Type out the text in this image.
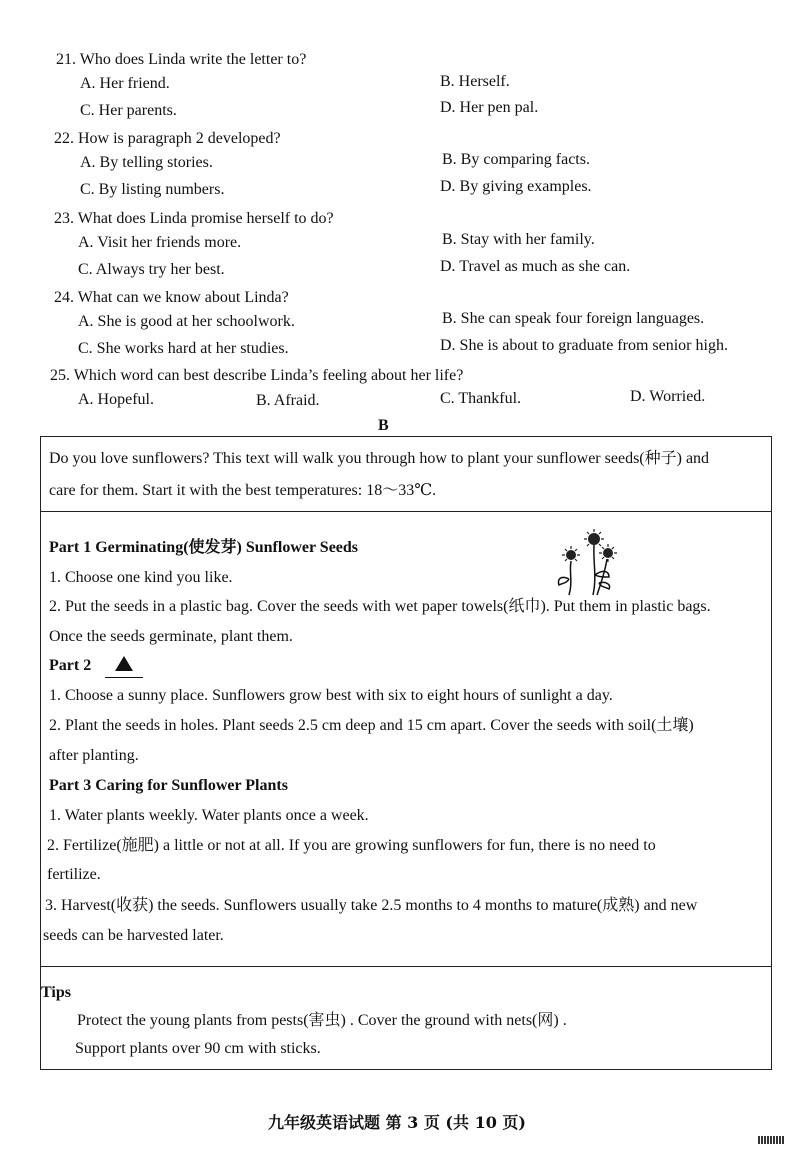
21. Who does Linda write the letter to?
A. Her friend.	B. Herself.
C. Her parents.	D. Her pen pal.
22. How is paragraph 2 developed?
A. By telling stories.	B. By comparing facts.
C. By listing numbers.	D. By giving examples.
23. What does Linda promise herself to do?
A. Visit her friends more.	B. Stay with her family.
C. Always try her best.	D. Travel as much as she can.
24. What can we know about Linda?
A. She is good at her schoolwork.	B. She can speak four foreign languages.
C. She works hard at her studies.	D. She is about to graduate from senior high.
25. Which word can best describe Linda’s feeling about her life?
A. Hopeful.	B. Afraid.	C. Thankful.	D. Worried.
B
Do you love sunflowers? This text will walk you through how to plant your sunflower seeds(种子) and
care for them. Start it with the best temperatures: 18～33℃.
Part 1 Germinating(使发芽) Sunflower Seeds
1. Choose one kind you like.
2. Put the seeds in a plastic bag. Cover the seeds with wet paper towels(纸巾). Put them in plastic bags.
Once the seeds germinate, plant them.
Part 2
1. Choose a sunny place. Sunflowers grow best with six to eight hours of sunlight a day.
2. Plant the seeds in holes. Plant seeds 2.5 cm deep and 15 cm apart. Cover the seeds with soil(土壤)
after planting.
Part 3 Caring for Sunflower Plants
1. Water plants weekly. Water plants once a week.
2. Fertilize(施肥) a little or not at all. If you are growing sunflowers for fun, there is no need to
fertilize.
3. Harvest(收获) the seeds. Sunflowers usually take 2.5 months to 4 months to mature(成熟) and new
seeds can be harvested later.
Tips
Protect the young plants from pests(害虫) . Cover the ground with nets(网) .
Support plants over 90 cm with sticks.
九年级英语试题 第 3 页 (共 10 页)
